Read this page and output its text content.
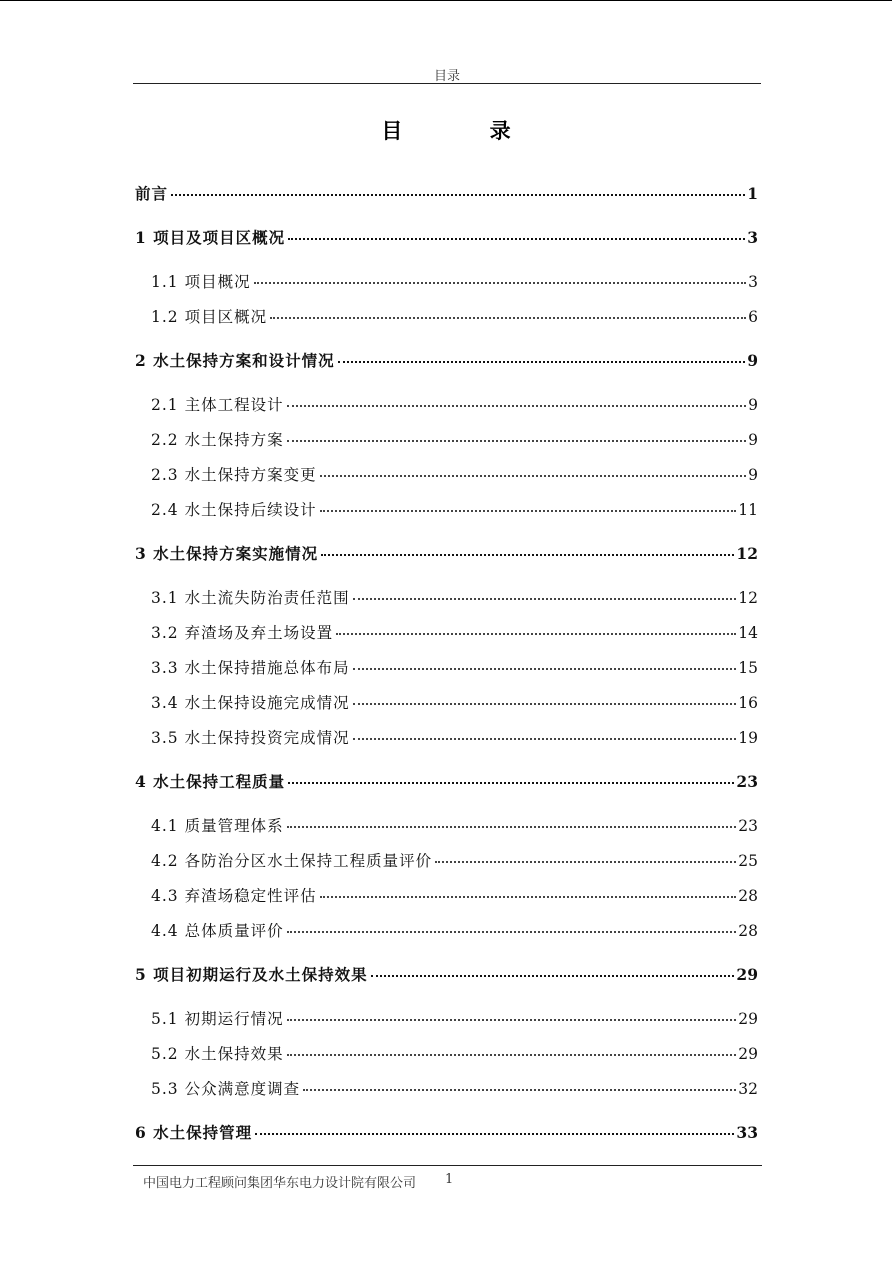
目录
目 录
前言	1
1 项目及项目区概况	3
1.1 项目概况	3
1.2 项目区概况	6
2 水土保持方案和设计情况	9
2.1 主体工程设计	9
2.2 水土保持方案	9
2.3 水土保持方案变更	9
2.4 水土保持后续设计	11
3 水土保持方案实施情况	12
3.1 水土流失防治责任范围	12
3.2 弃渣场及弃土场设置	14
3.3 水土保持措施总体布局	15
3.4 水土保持设施完成情况	16
3.5 水土保持投资完成情况	19
4 水土保持工程质量	23
4.1 质量管理体系	23
4.2 各防治分区水土保持工程质量评价	25
4.3 弃渣场稳定性评估	28
4.4 总体质量评价	28
5 项目初期运行及水土保持效果	29
5.1 初期运行情况	29
5.2 水土保持效果	29
5.3 公众满意度调查	32
6 水土保持管理	33
中国电力工程顾问集团华东电力设计院有限公司 1
